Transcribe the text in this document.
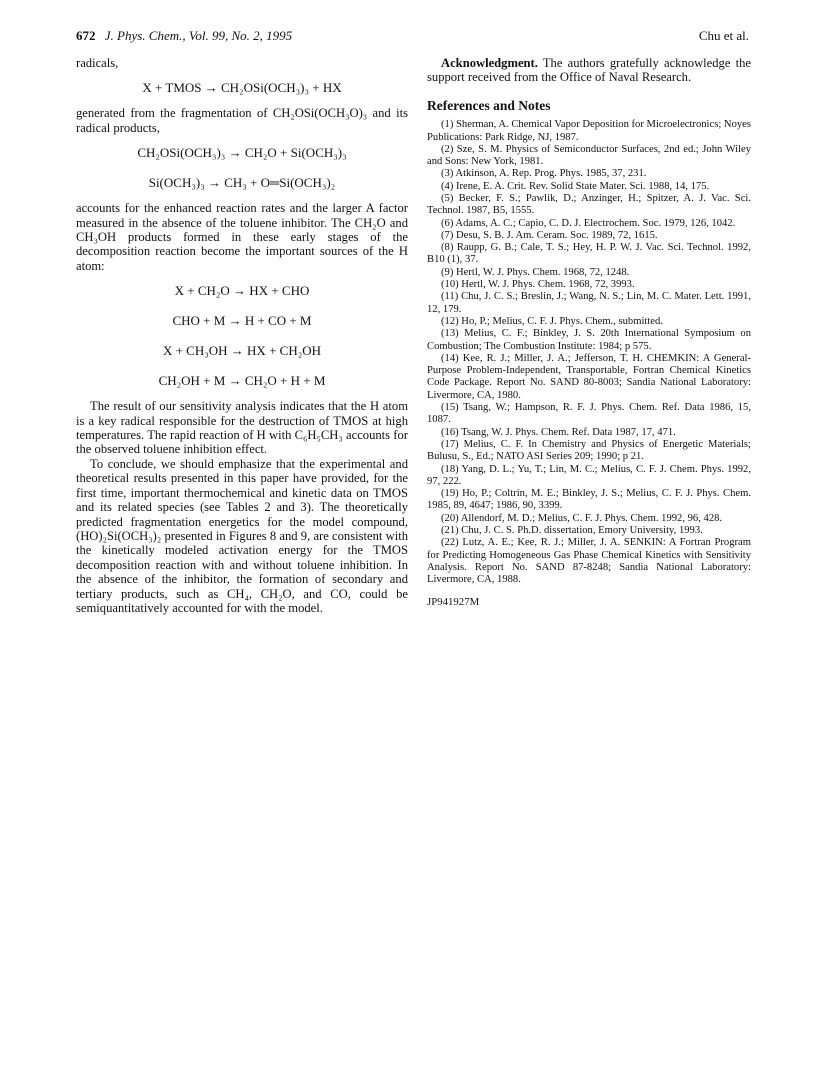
672 J. Phys. Chem., Vol. 99, No. 2, 1995	Chu et al.

radicals,

X + TMOS → CH₂OSi(OCH₃)₃ + HX

generated from the fragmentation of CH₂OSi(OCH₃O)₃ and its radical products,

CH₂OSi(OCH₃)₃ → CH₂O + Si(OCH₃)₃
Si(OCH₃)₃ → CH₃ + O═Si(OCH₃)₂

accounts for the enhanced reaction rates and the larger A factor measured in the absence of the toluene inhibitor. The CH₂O and CH₃OH products formed in these early stages of the decomposition reaction become the important sources of the H atom:

X + CH₂O → HX + CHO
CHO + M → H + CO + M
X + CH₃OH → HX + CH₂OH
CH₂OH + M → CH₂O + H + M

The result of our sensitivity analysis indicates that the H atom is a key radical responsible for the destruction of TMOS at high temperatures. The rapid reaction of H with C₆H₅CH₃ accounts for the observed toluene inhibition effect.

To conclude, we should emphasize that the experimental and theoretical results presented in this paper have provided, for the first time, important thermochemical and kinetic data on TMOS and its related species (see Tables 2 and 3). The theoretically predicted fragmentation energetics for the model compound, (HO)₂Si(OCH₃)₂ presented in Figures 8 and 9, are consistent with the kinetically modeled activation energy for the TMOS decomposition reaction with and without toluene inhibition. In the absence of the inhibitor, the formation of secondary and tertiary products, such as CH₄, CH₂O, and CO, could be semiquantitatively accounted for with the model.

Acknowledgment. The authors gratefully acknowledge the support received from the Office of Naval Research.

References and Notes

(1) Sherman, A. Chemical Vapor Deposition for Microelectronics; Noyes Publications: Park Ridge, NJ, 1987.

(2) Sze, S. M. Physics of Semiconductor Surfaces, 2nd ed.; John Wiley and Sons: New York, 1981.

(3) Atkinson, A. Rep. Prog. Phys. 1985, 37, 231.

(4) Irene, E. A. Crit. Rev. Solid State Mater. Sci. 1988, 14, 175.

(5) Becker, F. S.; Pawlik, D.; Anzinger, H.; Spitzer, A. J. Vac. Sci. Technol. 1987, B5, 1555.

(6) Adams, A. C.; Capio, C. D. J. Electrochem. Soc. 1979, 126, 1042.

(7) Desu, S. B. J. Am. Ceram. Soc. 1989, 72, 1615.

(8) Raupp, G. B.; Cale, T. S.; Hey, H. P. W. J. Vac. Sci. Technol. 1992, B10 (1), 37.

(9) Hertl, W. J. Phys. Chem. 1968, 72, 1248.

(10) Hertl, W. J. Phys. Chem. 1968, 72, 3993.

(11) Chu, J. C. S.; Breslin, J.; Wang, N. S.; Lin, M. C. Mater. Lett. 1991, 12, 179.

(12) Ho, P.; Melius, C. F. J. Phys. Chem., submitted.

(13) Melius, C. F.; Binkley, J. S. 20th International Symposium on Combustion; The Combustion Institute: 1984; p 575.

(14) Kee, R. J.; Miller, J. A.; Jefferson, T. H. CHEMKIN: A General-Purpose Problem-Independent, Transportable, Fortran Chemical Kinetics Code Package. Report No. SAND 80-8003; Sandia National Laboratory: Livermore, CA, 1980.

(15) Tsang, W.; Hampson, R. F. J. Phys. Chem. Ref. Data 1986, 15, 1087.

(16) Tsang, W. J. Phys. Chem. Ref. Data 1987, 17, 471.

(17) Melius, C. F. In Chemistry and Physics of Energetic Materials; Bulusu, S., Ed.; NATO ASI Series 209; 1990; p 21.

(18) Yang, D. L.; Yu, T.; Lin, M. C.; Melius, C. F. J. Chem. Phys. 1992, 97, 222.

(19) Ho, P.; Coltrin, M. E.; Binkley, J. S.; Melius, C. F. J. Phys. Chem. 1985, 89, 4647; 1986, 90, 3399.

(20) Allendorf, M. D.; Melius, C. F. J. Phys. Chem. 1992, 96, 428.

(21) Chu, J. C. S. Ph.D. dissertation, Emory University, 1993.

(22) Lutz, A. E.; Kee, R. J.; Miller, J. A. SENKIN: A Fortran Program for Predicting Homogeneous Gas Phase Chemical Kinetics with Sensitivity Analysis. Report No. SAND 87-8248; Sandia National Laboratory: Livermore, CA, 1988.

JP941927M
